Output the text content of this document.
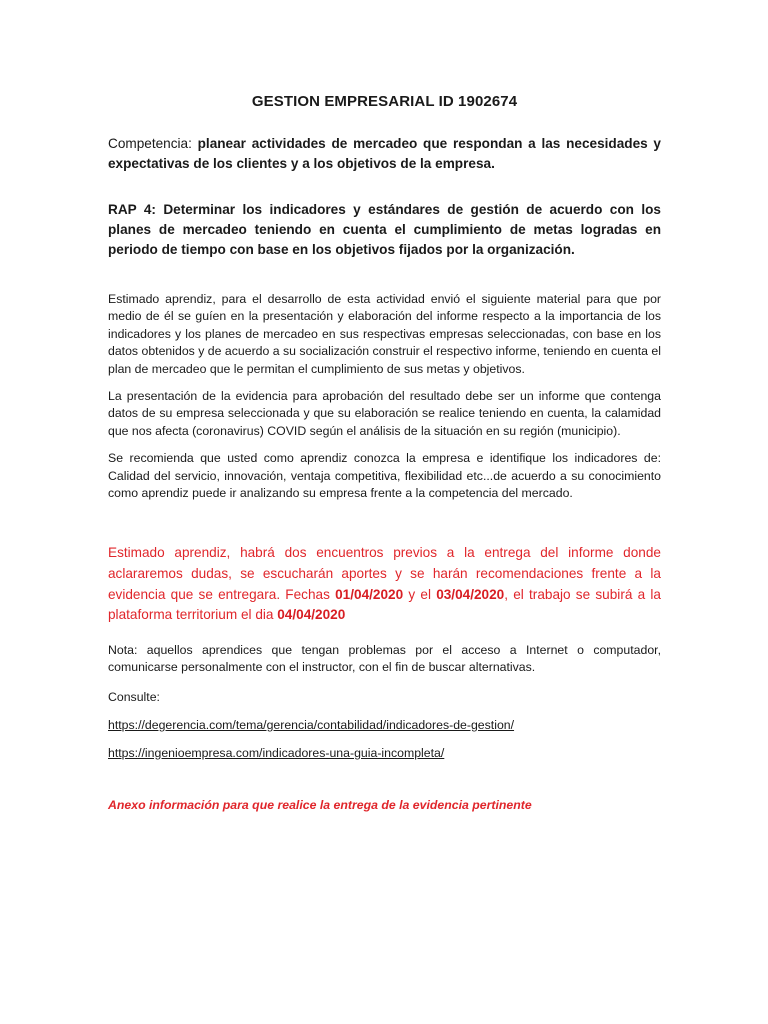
GESTION EMPRESARIAL ID 1902674

Competencia: planear actividades de mercadeo que respondan a las necesidades y expectativas de los clientes y a los objetivos de la empresa.

RAP 4: Determinar los indicadores y estándares de gestión de acuerdo con los planes de mercadeo teniendo en cuenta el cumplimiento de metas logradas en periodo de tiempo con base en los objetivos fijados por la organización.

Estimado aprendiz, para el desarrollo de esta actividad envió el siguiente material para que por medio de él se guíen en la presentación y elaboración del informe respecto a la importancia de los indicadores y los planes de mercadeo en sus respectivas empresas seleccionadas, con base en los datos obtenidos y de acuerdo a su socialización construir el respectivo informe, teniendo en cuenta el plan de mercadeo que le permitan el cumplimiento de sus metas y objetivos.

La presentación de la evidencia para aprobación del resultado debe ser un informe que contenga datos de su empresa seleccionada y que su elaboración se realice teniendo en cuenta, la calamidad que nos afecta (coronavirus) COVID según el análisis de la situación en su región (municipio).

Se recomienda que usted como aprendiz conozca la empresa e identifique los indicadores de: Calidad del servicio, innovación, ventaja competitiva, flexibilidad etc...de acuerdo a su conocimiento como aprendiz puede ir analizando su empresa frente a la competencia del mercado.

Estimado aprendiz, habrá dos encuentros previos a la entrega del informe donde aclararemos dudas, se escucharán aportes y se harán recomendaciones frente a la evidencia que se entregara. Fechas 01/04/2020 y el 03/04/2020, el trabajo se subirá a la plataforma territorium el dia 04/04/2020

Nota: aquellos aprendices que tengan problemas por el acceso a Internet o computador, comunicarse personalmente con el instructor, con el fin de buscar alternativas.

Consulte:

https://degerencia.com/tema/gerencia/contabilidad/indicadores-de-gestion/
https://ingenioempresa.com/indicadores-una-guia-incompleta/

Anexo información para que realice la entrega de la evidencia pertinente
